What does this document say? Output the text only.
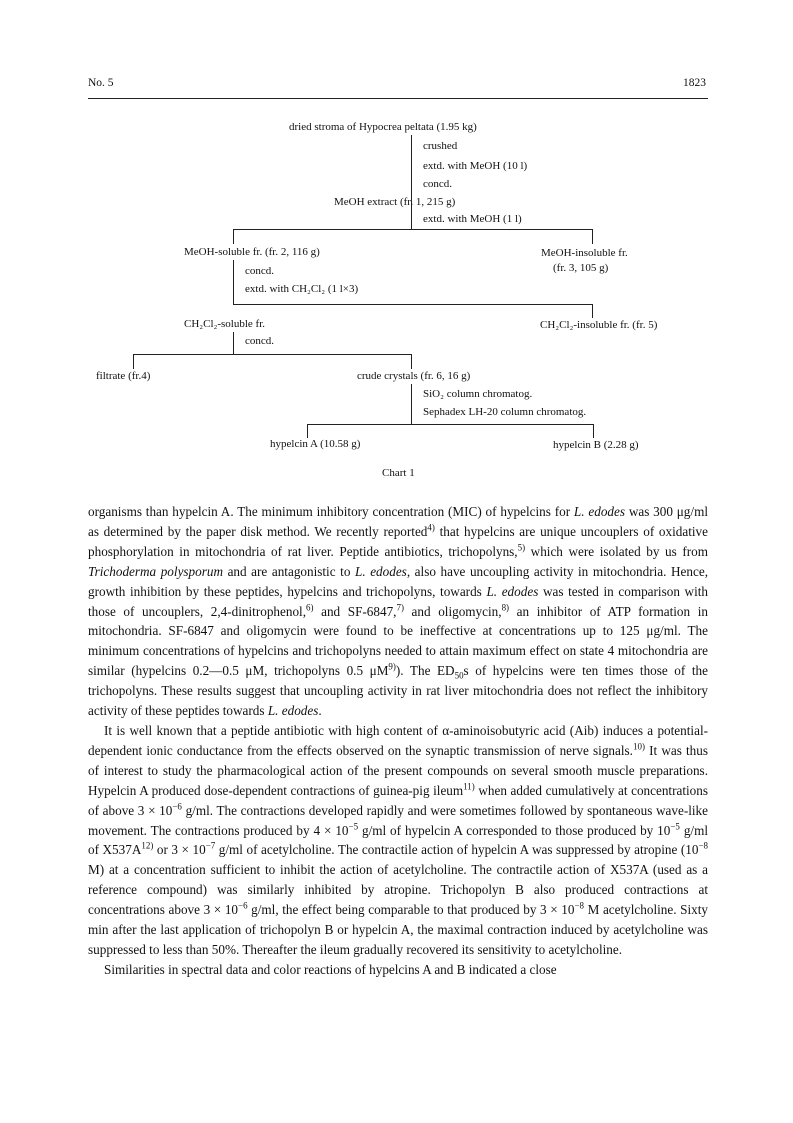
No. 5	1823
dried stroma of Hypocrea peltata (1.95 kg)
crushed
extd. with MeOH (10 l)
concd.
MeOH extract (fr. 1, 215 g)
extd. with MeOH (1 l)
MeOH-soluble fr. (fr. 2, 116 g)	MeOH-insoluble fr.
(fr. 3, 105 g)
concd.
extd. with CH₂Cl₂ (1 l×3)
CH₂Cl₂-soluble fr.	CH₂Cl₂-insoluble fr. (fr. 5)
concd.
filtrate (fr.4)	crude crystals (fr. 6, 16 g)
SiO₂ column chromatog.
Sephadex LH-20 column chromatog.
hypelcin A (10.58 g)	hypelcin B (2.28 g)
Chart 1

organisms than hypelcin A. The minimum inhibitory concentration (MIC) of hypelcins for L. edodes was 300 μg/ml as determined by the paper disk method. We recently reported$^{4)}$ that hypelcins are unique uncouplers of oxidative phosphorylation in mitochondria of rat liver. Peptide antibiotics, trichopolyns,$^{5)}$ which were isolated by us from Trichoderma polysporum and are antagonistic to L. edodes, also have uncoupling activity in mitochondria. Hence, growth inhibition by these peptides, hypelcins and trichopolyns, towards L. edodes was tested in comparison with those of uncouplers, 2,4-dinitrophenol,$^{6)}$ and SF-6847,$^{7)}$ and oligomycin,$^{8)}$ an inhibitor of ATP formation in mitochondria. SF-6847 and oligomycin were found to be ineffective at concentrations up to 125 μg/ml. The minimum concentrations of hypelcins and trichopolyns needed to attain maximum effect on state 4 mitochondria are similar (hypelcins 0.2—0.5 μM, trichopolyns 0.5 $\mu M^{9)}$). The $ED_{50}s$ of hypelcins were ten times those of the trichopolyns. These results suggest that uncoupling activity in rat liver mitochondria does not reflect the inhibitory activity of these peptides towards L. edodes.

It is well known that a peptide antibiotic with high content of α-aminoisobutyric acid (Aib) induces a potential-dependent ionic conductance from the effects observed on the synaptic transmission of nerve signals.$^{10)}$ It was thus of interest to study the pharmacological action of the present compounds on several smooth muscle preparations. Hypelcin A produced dose-dependent contractions of guinea-pig ileum$^{11)}$ when added cumulatively at concentrations of above $3 \times 10^{-6}$ g/ml. The contractions developed rapidly and were sometimes followed by spontaneous wave-like movement. The contractions produced by $4 \times 10^{-5}$ g/ml of hypelcin A corresponded to those produced by $10^{-5}$ g/ml of $X537A^{12)}$ or $3 \times 10^{-7}$ g/ml of acetylcholine. The contractile action of hypelcin A was suppressed by atropine ($10^{-8}$ M) at a concentration sufficient to inhibit the action of acetylcholine. The contractile action of X537A (used as a reference compound) was similarly inhibited by atropine. Trichopolyn B also produced contractions at concentrations above $3 \times 10^{-6}$ g/ml, the effect being comparable to that produced by $3 \times 10^{-8}$ M acetylcholine. Sixty min after the last application of trichopolyn B or hypelcin A, the maximal contraction induced by acetylcholine was suppressed to less than 50%. Thereafter the ileum gradually recovered its sensitivity to acetylcholine.

Similarities in spectral data and color reactions of hypelcins A and B indicated a close
